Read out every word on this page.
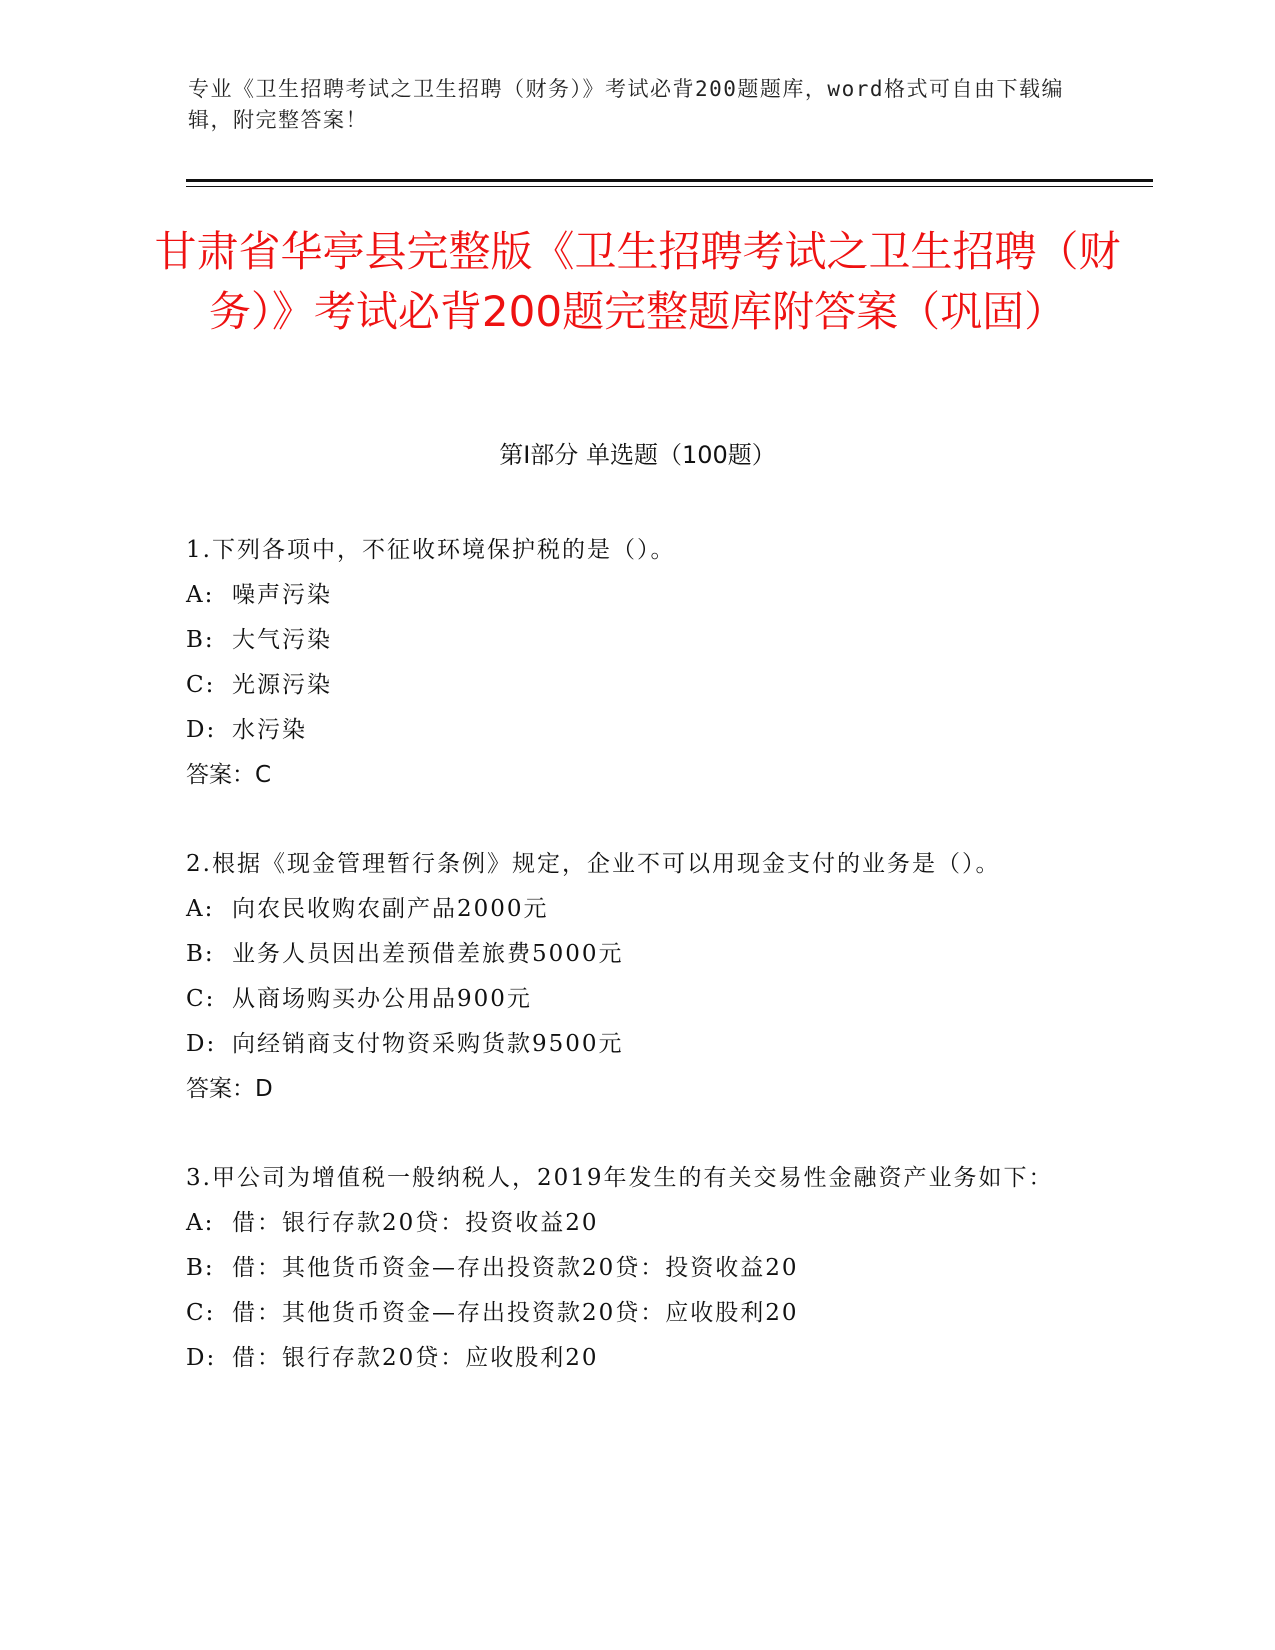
专业《卫生招聘考试之卫生招聘（财务）》考试必背200题题库，word格式可自由下载编辑，附完整答案！
甘肃省华亭县完整版《卫生招聘考试之卫生招聘（财务）》考试必背200题完整题库附答案（巩固）
第Ⅰ部分 单选题（100题）
1.下列各项中，不征收环境保护税的是（）。
A: 噪声污染
B: 大气污染
C: 光源污染
D: 水污染
答案：C
2.根据《现金管理暂行条例》规定，企业不可以用现金支付的业务是（）。
A: 向农民收购农副产品2000元
B: 业务人员因出差预借差旅费5000元
C: 从商场购买办公用品900元
D: 向经销商支付物资采购货款9500元
答案：D
3.甲公司为增值税一般纳税人，2019年发生的有关交易性金融资产业务如下：
A: 借：银行存款20贷：投资收益20
B: 借：其他货币资金—存出投资款20贷：投资收益20
C: 借：其他货币资金—存出投资款20贷：应收股利20
D: 借：银行存款20贷：应收股利20
